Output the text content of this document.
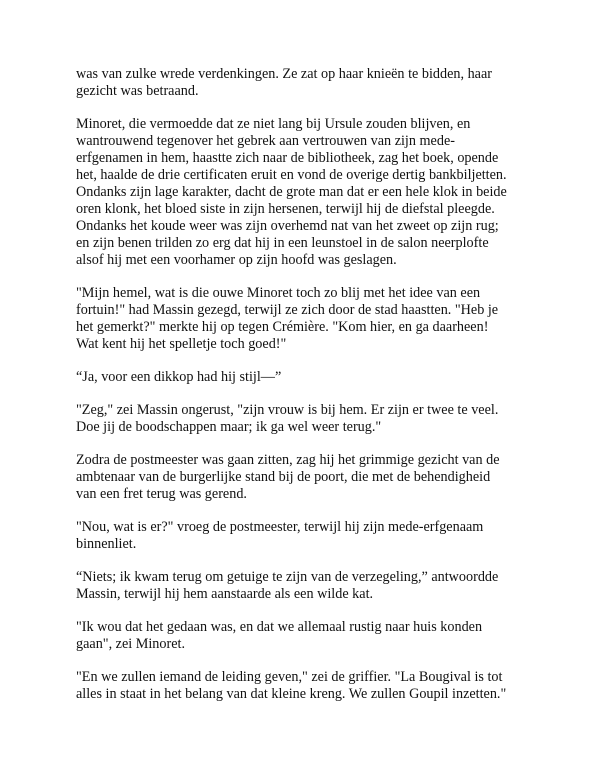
was van zulke wrede verdenkingen. Ze zat op haar knieën te bidden, haar
gezicht was betraand.

Minoret, die vermoedde dat ze niet lang bij Ursule zouden blijven, en
wantrouwend tegenover het gebrek aan vertrouwen van zijn mede-
erfgenamen in hem, haastte zich naar de bibliotheek, zag het boek, opende
het, haalde de drie certificaten eruit en vond de overige dertig bankbiljetten.
Ondanks zijn lage karakter, dacht de grote man dat er een hele klok in beide
oren klonk, het bloed siste in zijn hersenen, terwijl hij de diefstal pleegde.
Ondanks het koude weer was zijn overhemd nat van het zweet op zijn rug;
en zijn benen trilden zo erg dat hij in een leunstoel in de salon neerplofte
alsof hij met een voorhamer op zijn hoofd was geslagen.

"Mijn hemel, wat is die ouwe Minoret toch zo blij met het idee van een
fortuin!" had Massin gezegd, terwijl ze zich door de stad haastten. "Heb je
het gemerkt?" merkte hij op tegen Crémière. "Kom hier, en ga daarheen!
Wat kent hij het spelletje toch goed!"

“Ja, voor een dikkop had hij stijl—”

"Zeg," zei Massin ongerust, "zijn vrouw is bij hem. Er zijn er twee te veel.
Doe jij de boodschappen maar; ik ga wel weer terug."

Zodra de postmeester was gaan zitten, zag hij het grimmige gezicht van de
ambtenaar van de burgerlijke stand bij de poort, die met de behendigheid
van een fret terug was gerend.

"Nou, wat is er?" vroeg de postmeester, terwijl hij zijn mede-erfgenaam
binnenliet.

“Niets; ik kwam terug om getuige te zijn van de verzegeling,” antwoordde
Massin, terwijl hij hem aanstaarde als een wilde kat.

"Ik wou dat het gedaan was, en dat we allemaal rustig naar huis konden
gaan", zei Minoret.

"En we zullen iemand de leiding geven," zei de griffier. "La Bougival is tot
alles in staat in het belang van dat kleine kreng. We zullen Goupil inzetten."
